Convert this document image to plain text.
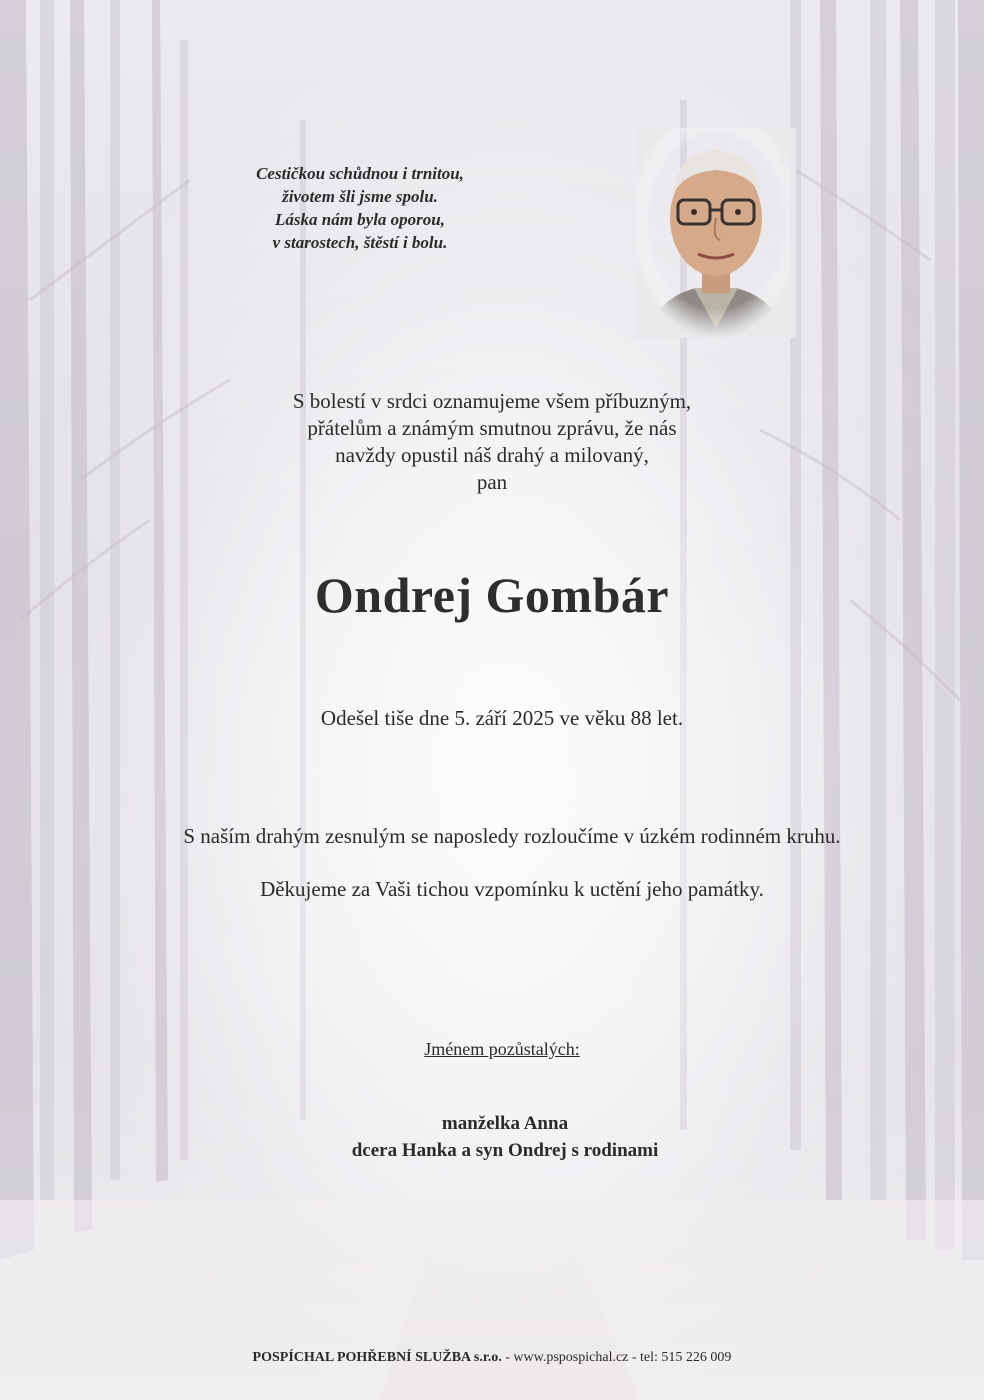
Cestičkou schůdnou i trnitou,
životem šli jsme spolu.
Láska nám byla oporou,
v starostech, štěstí i bolu.
S bolestí v srdci oznamujeme všem příbuzným,
přátelům a známým smutnou zprávu, že nás
navždy opustil náš drahý a milovaný,
pan
Ondrej Gombár
Odešel tiše dne 5. září 2025 ve věku 88 let.
S naším drahým zesnulým se naposledy rozloučíme v úzkém rodinném kruhu.
Děkujeme za Vaši tichou vzpomínku k uctění jeho památky.
Jménem pozůstalých:
manželka Anna
dcera Hanka a syn Ondrej s rodinami
POSPÍCHAL POHŘEBNÍ SLUŽBA s.r.o. - www.pspospichal.cz - tel: 515 226 009
